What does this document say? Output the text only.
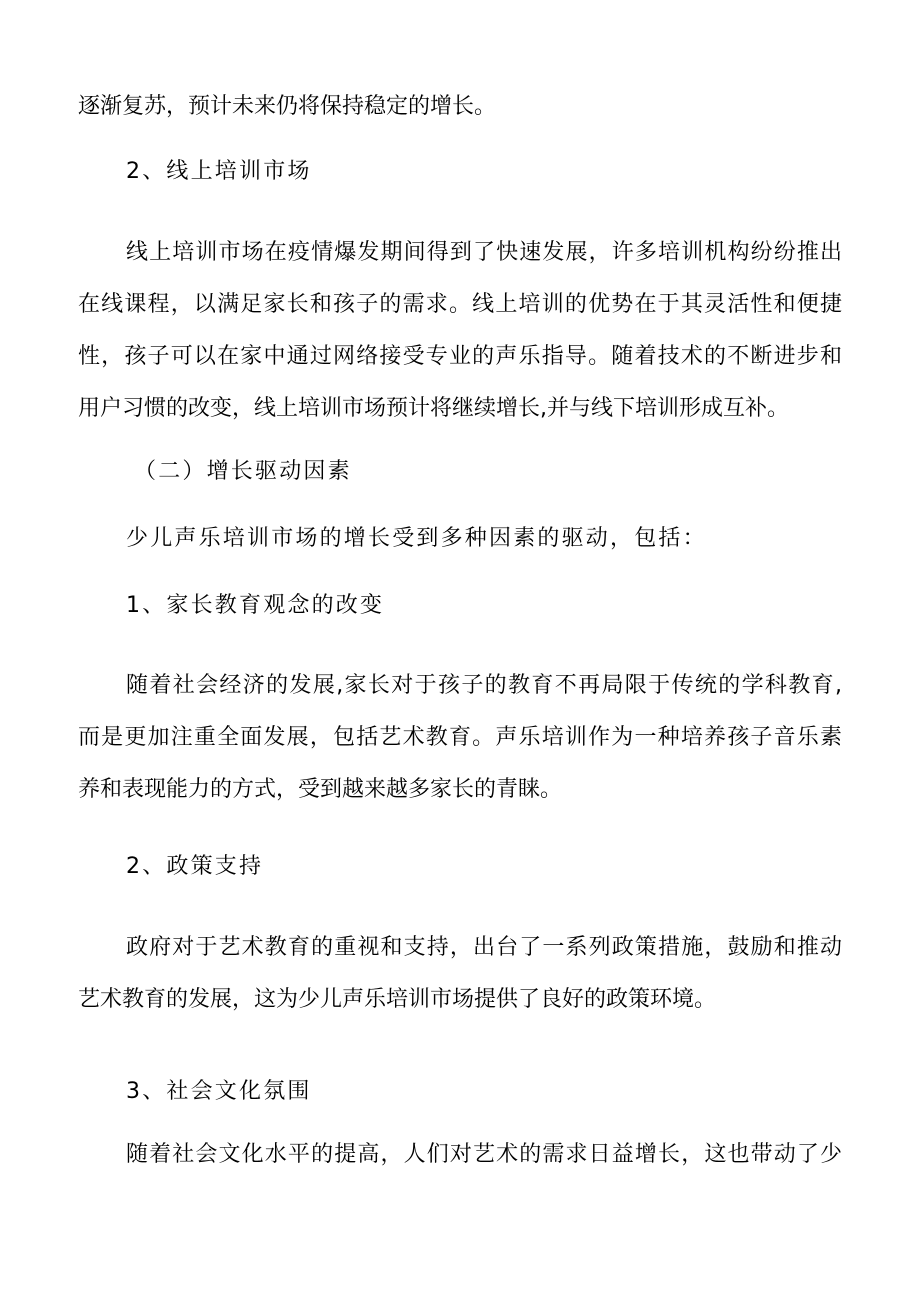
逐渐复苏，预计未来仍将保持稳定的增长。
2、线上培训市场
线上培训市场在疫情爆发期间得到了快速发展，许多培训机构纷纷推出
在线课程，以满足家长和孩子的需求。线上培训的优势在于其灵活性和便捷
性，孩子可以在家中通过网络接受专业的声乐指导。随着技术的不断进步和
用户习惯的改变，线上培训市场预计将继续增长,并与线下培训形成互补。
（二）增长驱动因素
少儿声乐培训市场的增长受到多种因素的驱动，包括：
1、家长教育观念的改变
随着社会经济的发展,家长对于孩子的教育不再局限于传统的学科教育,
而是更加注重全面发展，包括艺术教育。声乐培训作为一种培养孩子音乐素
养和表现能力的方式，受到越来越多家长的青睐。
2、政策支持
政府对于艺术教育的重视和支持，出台了一系列政策措施，鼓励和推动
艺术教育的发展，这为少儿声乐培训市场提供了良好的政策环境。
3、社会文化氛围
随着社会文化水平的提高，人们对艺术的需求日益增长，这也带动了少
